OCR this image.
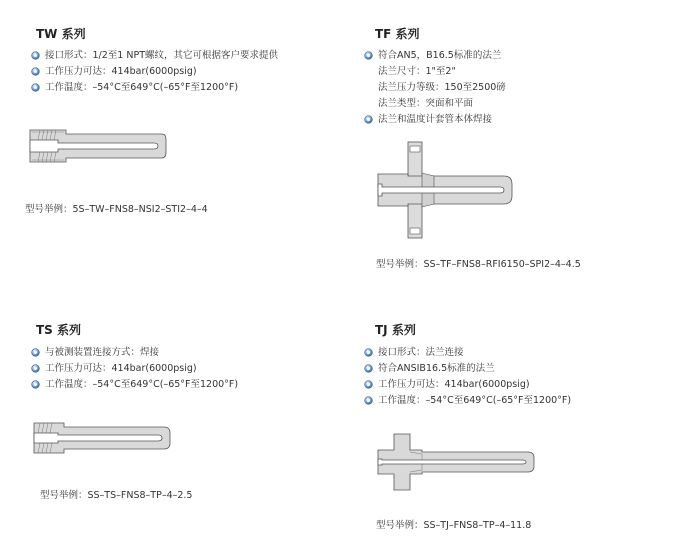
TW 系列
接口形式：1/2至1 NPT螺纹，其它可根据客户要求提供
工作压力可达：414bar(6000psig)
工作温度：–54°C至649°C(–65°F至1200°F)
型号举例：5S–TW–FNS8–NSI2–STI2–4–4
TF 系列
符合AN5，B16.5标准的法兰
法兰尺寸：1"至2"
法兰压力等级：150至2500磅
法兰类型：突面和平面
法兰和温度计套管本体焊接
型号举例：SS–TF–FNS8–RFI6150–SPI2–4–4.5
TS 系列
与被测装置连接方式：焊接
工作压力可达：414bar(6000psig)
工作温度：–54°C至649°C(–65°F至1200°F)
型号举例：SS–TS–FNS8–TP–4–2.5
TJ 系列
接口形式：法兰连接
符合ANSIB16.5标准的法兰
工作压力可达：414bar(6000psig)
工作温度：–54°C至649°C(–65°F至1200°F)
型号举例：SS–TJ–FNS8–TP–4–11.8
